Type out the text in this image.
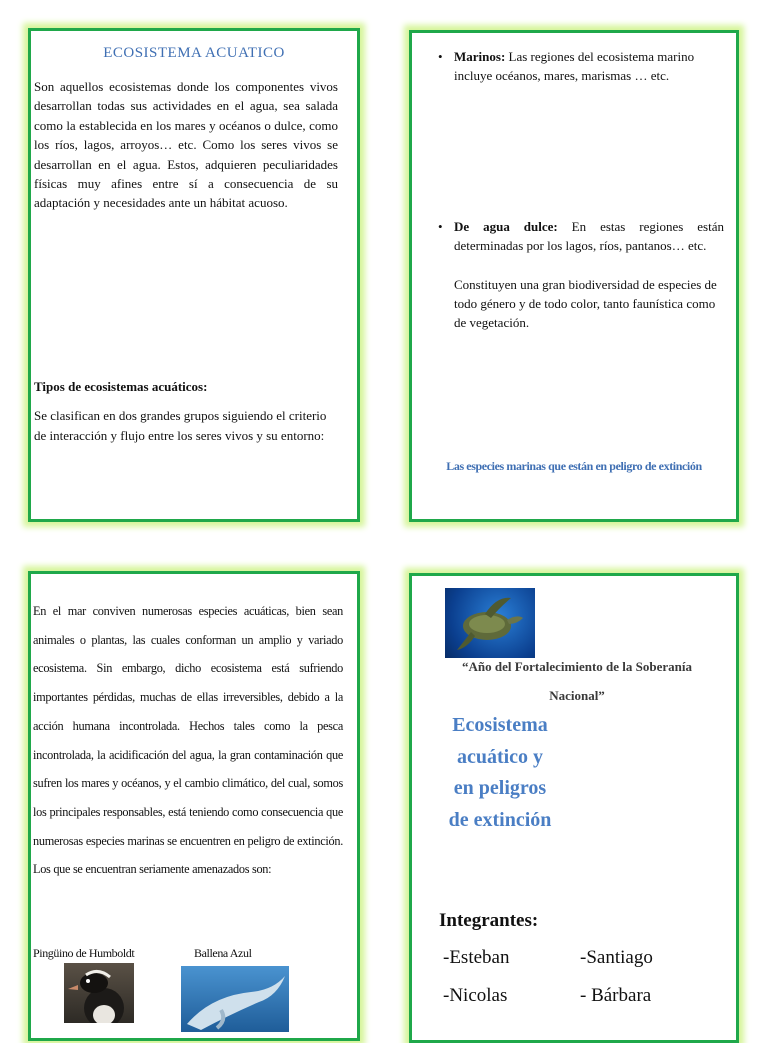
ECOSISTEMA ACUATICO
Son aquellos ecosistemas donde los componentes vivos desarrollan todas sus actividades en el agua, sea salada como la establecida en los mares y océanos o dulce, como los ríos, lagos, arroyos… etc. Como los seres vivos se desarrollan en el agua. Estos, adquieren peculiaridades físicas muy afines entre sí a consecuencia de su adaptación y necesidades ante un hábitat acuoso.
Tipos de ecosistemas acuáticos:
Se clasifican en dos grandes grupos siguiendo el criterio de interacción y flujo entre los seres vivos y su entorno:
• Marinos: Las regiones del ecosistema marino incluye océanos, mares, marismas … etc.
• De agua dulce: En estas regiones están determinadas por los lagos, ríos, pantanos… etc.
Constituyen una gran biodiversidad de especies de todo género y de todo color, tanto faunística como de vegetación.
Las especies marinas que están en peligro de extinción
En el mar conviven numerosas especies acuáticas, bien sean animales o plantas, las cuales conforman un amplio y variado ecosistema. Sin embargo, dicho ecosistema está sufriendo importantes pérdidas, muchas de ellas irreversibles, debido a la acción humana incontrolada. Hechos tales como la pesca incontrolada, la acidificación del agua, la gran contaminación que sufren los mares y océanos, y el cambio climático, del cual, somos los principales responsables, está teniendo como consecuencia que numerosas especies marinas se encuentren en peligro de extinción. Los que se encuentran seriamente amenazados son:
Pingüino de Humboldt	Ballena Azul
“Año del Fortalecimiento de la Soberanía Nacional”
Ecosistema acuático y en peligros de extinción
Integrantes:
-Esteban	-Santiago
-Nicolas	- Bárbara
